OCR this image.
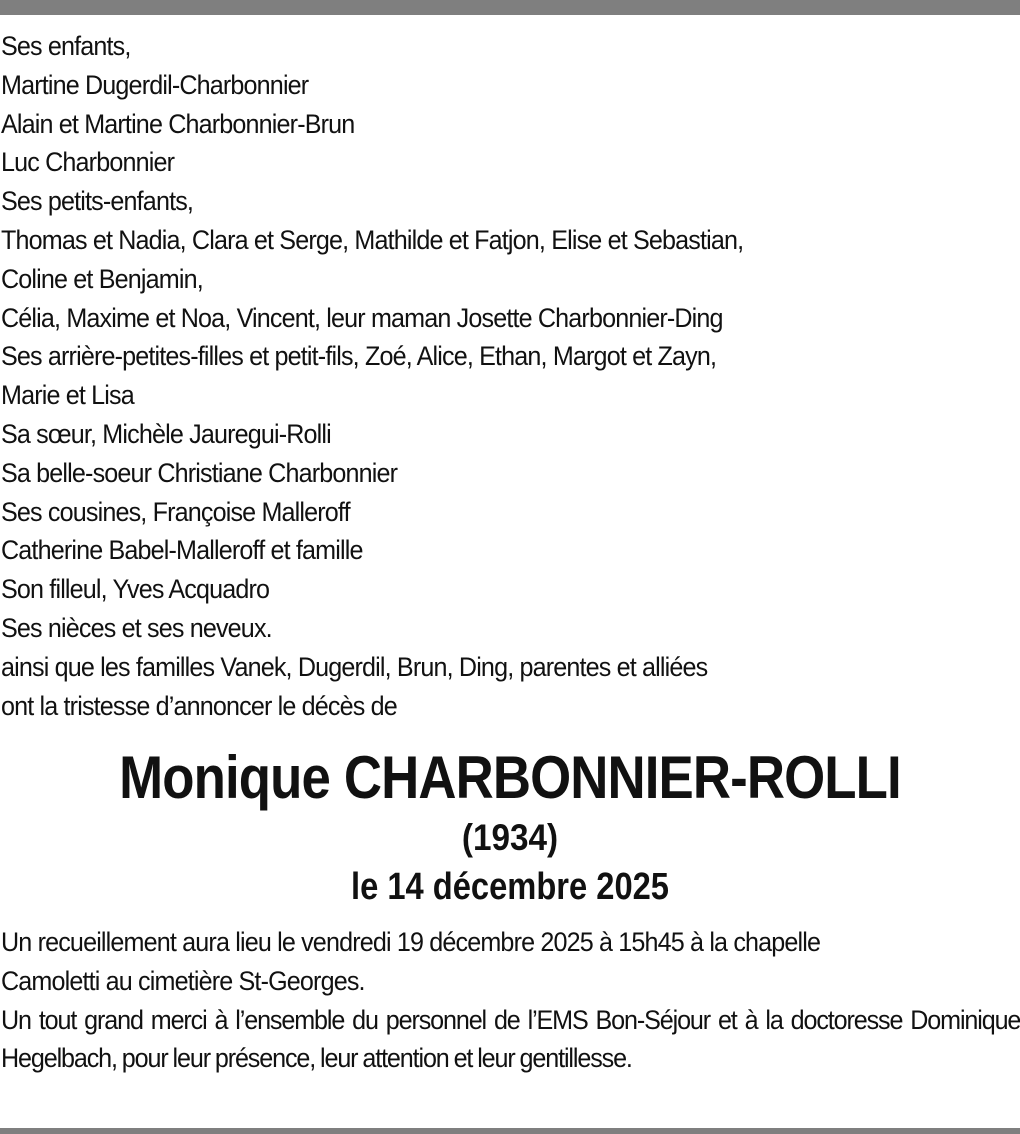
Ses enfants,
Martine Dugerdil-Charbonnier
Alain et Martine Charbonnier-Brun
Luc Charbonnier
Ses petits-enfants,
Thomas et Nadia, Clara et Serge, Mathilde et Fatjon, Elise et Sebastian,
Coline et Benjamin,
Célia, Maxime et Noa, Vincent, leur maman Josette Charbonnier-Ding
Ses arrière-petites-filles et petit-fils, Zoé, Alice, Ethan, Margot et Zayn,
Marie et Lisa
Sa sœur, Michèle Jauregui-Rolli
Sa belle-soeur Christiane Charbonnier
Ses cousines, Françoise Malleroff
Catherine Babel-Malleroff et famille
Son filleul, Yves Acquadro
Ses nièces et ses neveux.
ainsi que les familles Vanek, Dugerdil, Brun, Ding, parentes et alliées
ont la tristesse d’annoncer le décès de
Monique CHARBONNIER-ROLLI
(1934)
le 14 décembre 2025

Un recueillement aura lieu le vendredi 19 décembre 2025 à 15h45 à la chapelle

Camoletti au cimetière St-Georges.

Un tout grand merci à l’ensemble du personnel de l’EMS Bon-Séjour et à la doctoresse Dominique Hegelbach, pour leur présence, leur attention et leur gentillesse.
